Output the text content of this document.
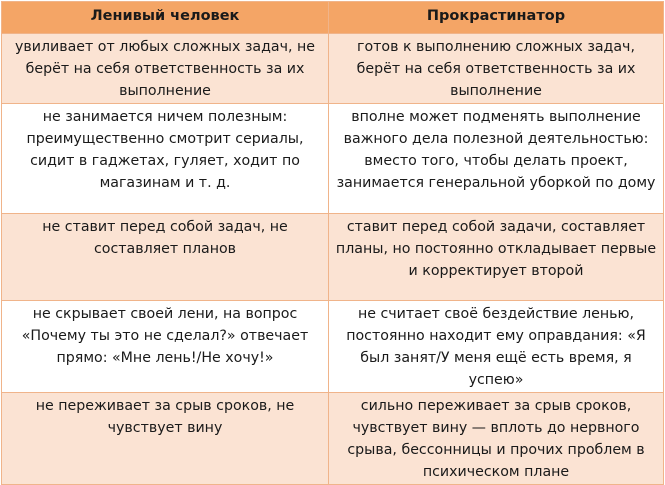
Ленивый человек	Прокрастинатор
увиливает от любых сложных задач, не берёт на себя ответственность за их выполнение	готов к выполнению сложных задач, берёт на себя ответственность за их выполнение
не занимается ничем полезным: преимущественно смотрит сериалы, сидит в гаджетах, гуляет, ходит по магазинам и т. д.	вполне может подменять выполнение важного дела полезной деятельностью: вместо того, чтобы делать проект, занимается генеральной уборкой по дому
не ставит перед собой задач, не составляет планов	ставит перед собой задачи, составляет планы, но постоянно откладывает первые и корректирует второй
не скрывает своей лени, на вопрос «Почему ты это не сделал?» отвечает прямо: «Мне лень!/Не хочу!»	не считает своё бездействие ленью, постоянно находит ему оправдания: «Я был занят/У меня ещё есть время, я успею»
не переживает за срыв сроков, не чувствует вину	сильно переживает за срыв сроков, чувствует вину — вплоть до нервного срыва, бессонницы и прочих проблем в психическом плане
